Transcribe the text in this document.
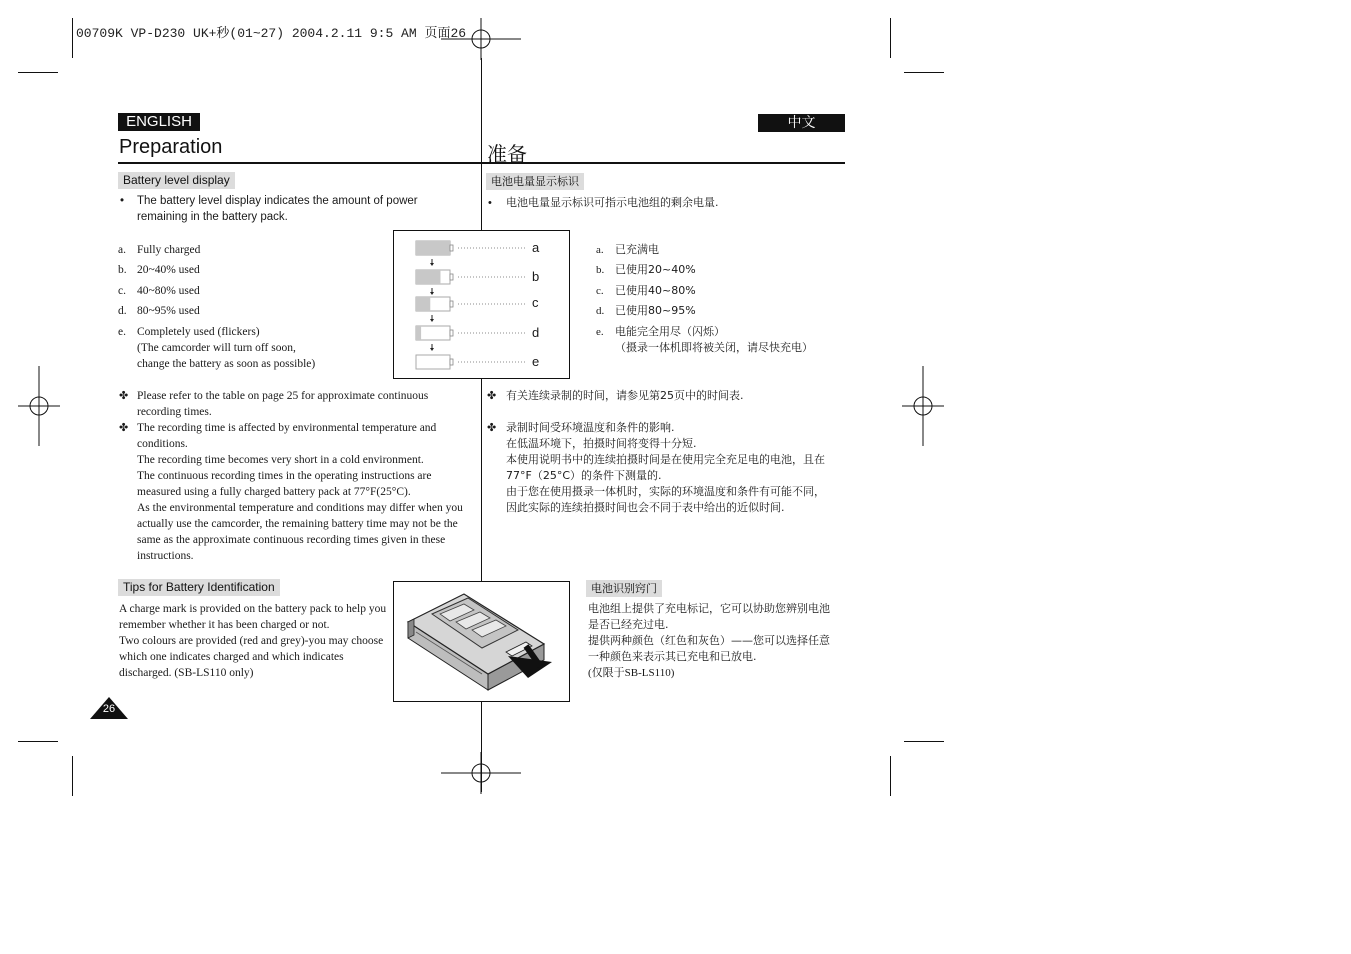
00709K VP-D230 UK+秒(01~27) 2004.2.11 9:5 AM 页面26
ENGLISH
Preparation
Battery level display
• The battery level display indicates the amount of power remaining in the battery pack.
a. Fully charged
b. 20~40% used
c. 40~80% used
d. 80~95% used
e. Completely used (flickers)
(The camcorder will turn off soon,
change the battery as soon as possible)
a
b
c
d
e
✤ Please refer to the table on page 25 for approximate continuous
recording times.
✤ The recording time is affected by environmental temperature and
conditions.
The recording time becomes very short in a cold environment.
The continuous recording times in the operating instructions are
measured using a fully charged battery pack at 77°F(25°C).
As the environmental temperature and conditions may differ when you
actually use the camcorder, the remaining battery time may not be the
same as the approximate continuous recording times given in these
instructions.
Tips for Battery Identification
A charge mark is provided on the battery pack to help you
remember whether it has been charged or not.
Two colours are provided (red and grey)-you may choose
which one indicates charged and which indicates
discharged. (SB-LS110 only)
26
中文
准备
电池电量显示标识
• 电池电量显示标识可指示电池组的剩余电量.
a. 已充满电
b. 已使用20~40%
c. 已使用40~80%
d. 已使用80~95%
e. 电能完全用尽（闪烁）
（摄录一体机即将被关闭，请尽快充电）
✤ 有关连续录制的时间，请参见第25页中的时间表.
✤ 录制时间受环境温度和条件的影响.
在低温环境下，拍摄时间将变得十分短.
本使用说明书中的连续拍摄时间是在使用完全充足电的电池，且在
77°F（25°C）的条件下测量的.
由于您在使用摄录一体机时，实际的环境温度和条件有可能不同，
因此实际的连续拍摄时间也会不同于表中给出的近似时间.
电池识别窍门
电池组上提供了充电标记，它可以协助您辨别电池
是否已经充过电.
提供两种颜色（红色和灰色）——您可以选择任意
一种颜色来表示其已充电和已放电.
(仅限于SB-LS110)
